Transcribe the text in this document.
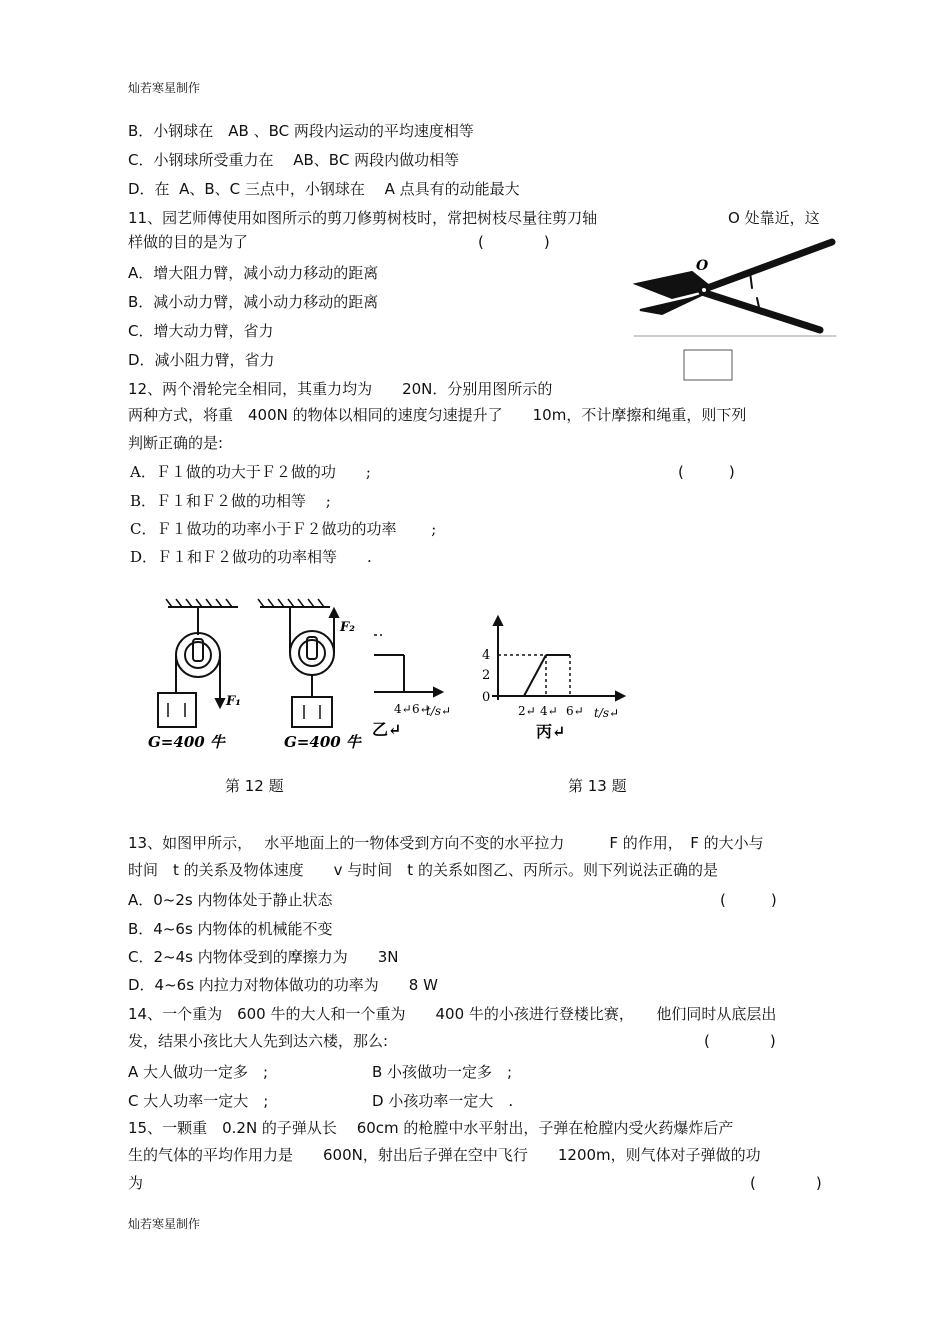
灿若寒星制作
灿若寒星制作
B．小钢球在　AB 、BC 两段内运动的平均速度相等
C．小钢球所受重力在　 AB、BC 两段内做功相等
D．在  A、B、C 三点中，小钢球在　 A 点具有的动能最大
11、园艺师傅使用如图所示的剪刀修剪树枝时，常把树枝尽量往剪刀轴	O 处靠近，这
样做的目的是为了	(　　　　)
A．增大阻力臂，减小动力移动的距离
B．减小动力臂，减小动力移动的距离
C．增大动力臂，省力
D．减小阻力臂，省力
O
12、两个滑轮完全相同，其重力均为　　20N．分别用图所示的
两种方式，将重　400N 的物体以相同的速度匀速提升了　　10m，不计摩擦和绳重，则下列
判断正确的是:
A．Ｆ１做的功大于Ｆ２做的功　　;	(　　　)
B．Ｆ１和Ｆ２做的功相等　 ;
C．Ｆ１做功的功率小于Ｆ２做功的功率　　 ;
D．Ｆ１和Ｆ２做功的功率相等　　.
F₁
F₂
G=400 牛	G=400 牛
4↵ 6↵
t/s↵
乙↵
4
2
0
2↵ 4↵ 6↵ t/s↵
丙↵
第 12 题	第 13 题
13、如图甲所示，　 水平地面上的一物体受到方向不变的水平拉力　　　F 的作用，　F 的大小与
时间　t 的关系及物体速度　　v 与时间　t 的关系如图乙、丙所示。则下列说法正确的是
A．0~2s 内物体处于静止状态	(　　　)
B．4~6s 内物体的机械能不变
C．2~4s 内物体受到的摩擦力为　　3N
D．4~6s 内拉力对物体做功的功率为　　8 W
14、一个重为　600 牛的大人和一个重为　　400 牛的小孩进行登楼比赛，　　他们同时从底层出
发，结果小孩比大人先到达六楼，那么:	(　　　　)
A 大人做功一定多　;	B 小孩做功一定多　;
C 大人功率一定大　;	D 小孩功率一定大　.
15、一颗重　0.2N 的子弹从长　 60cm 的枪膛中水平射出，子弹在枪膛内受火药爆炸后产
生的气体的平均作用力是　　600N，射出后子弹在空中飞行　　1200m，则气体对子弹做的功
为	(　　　　)
